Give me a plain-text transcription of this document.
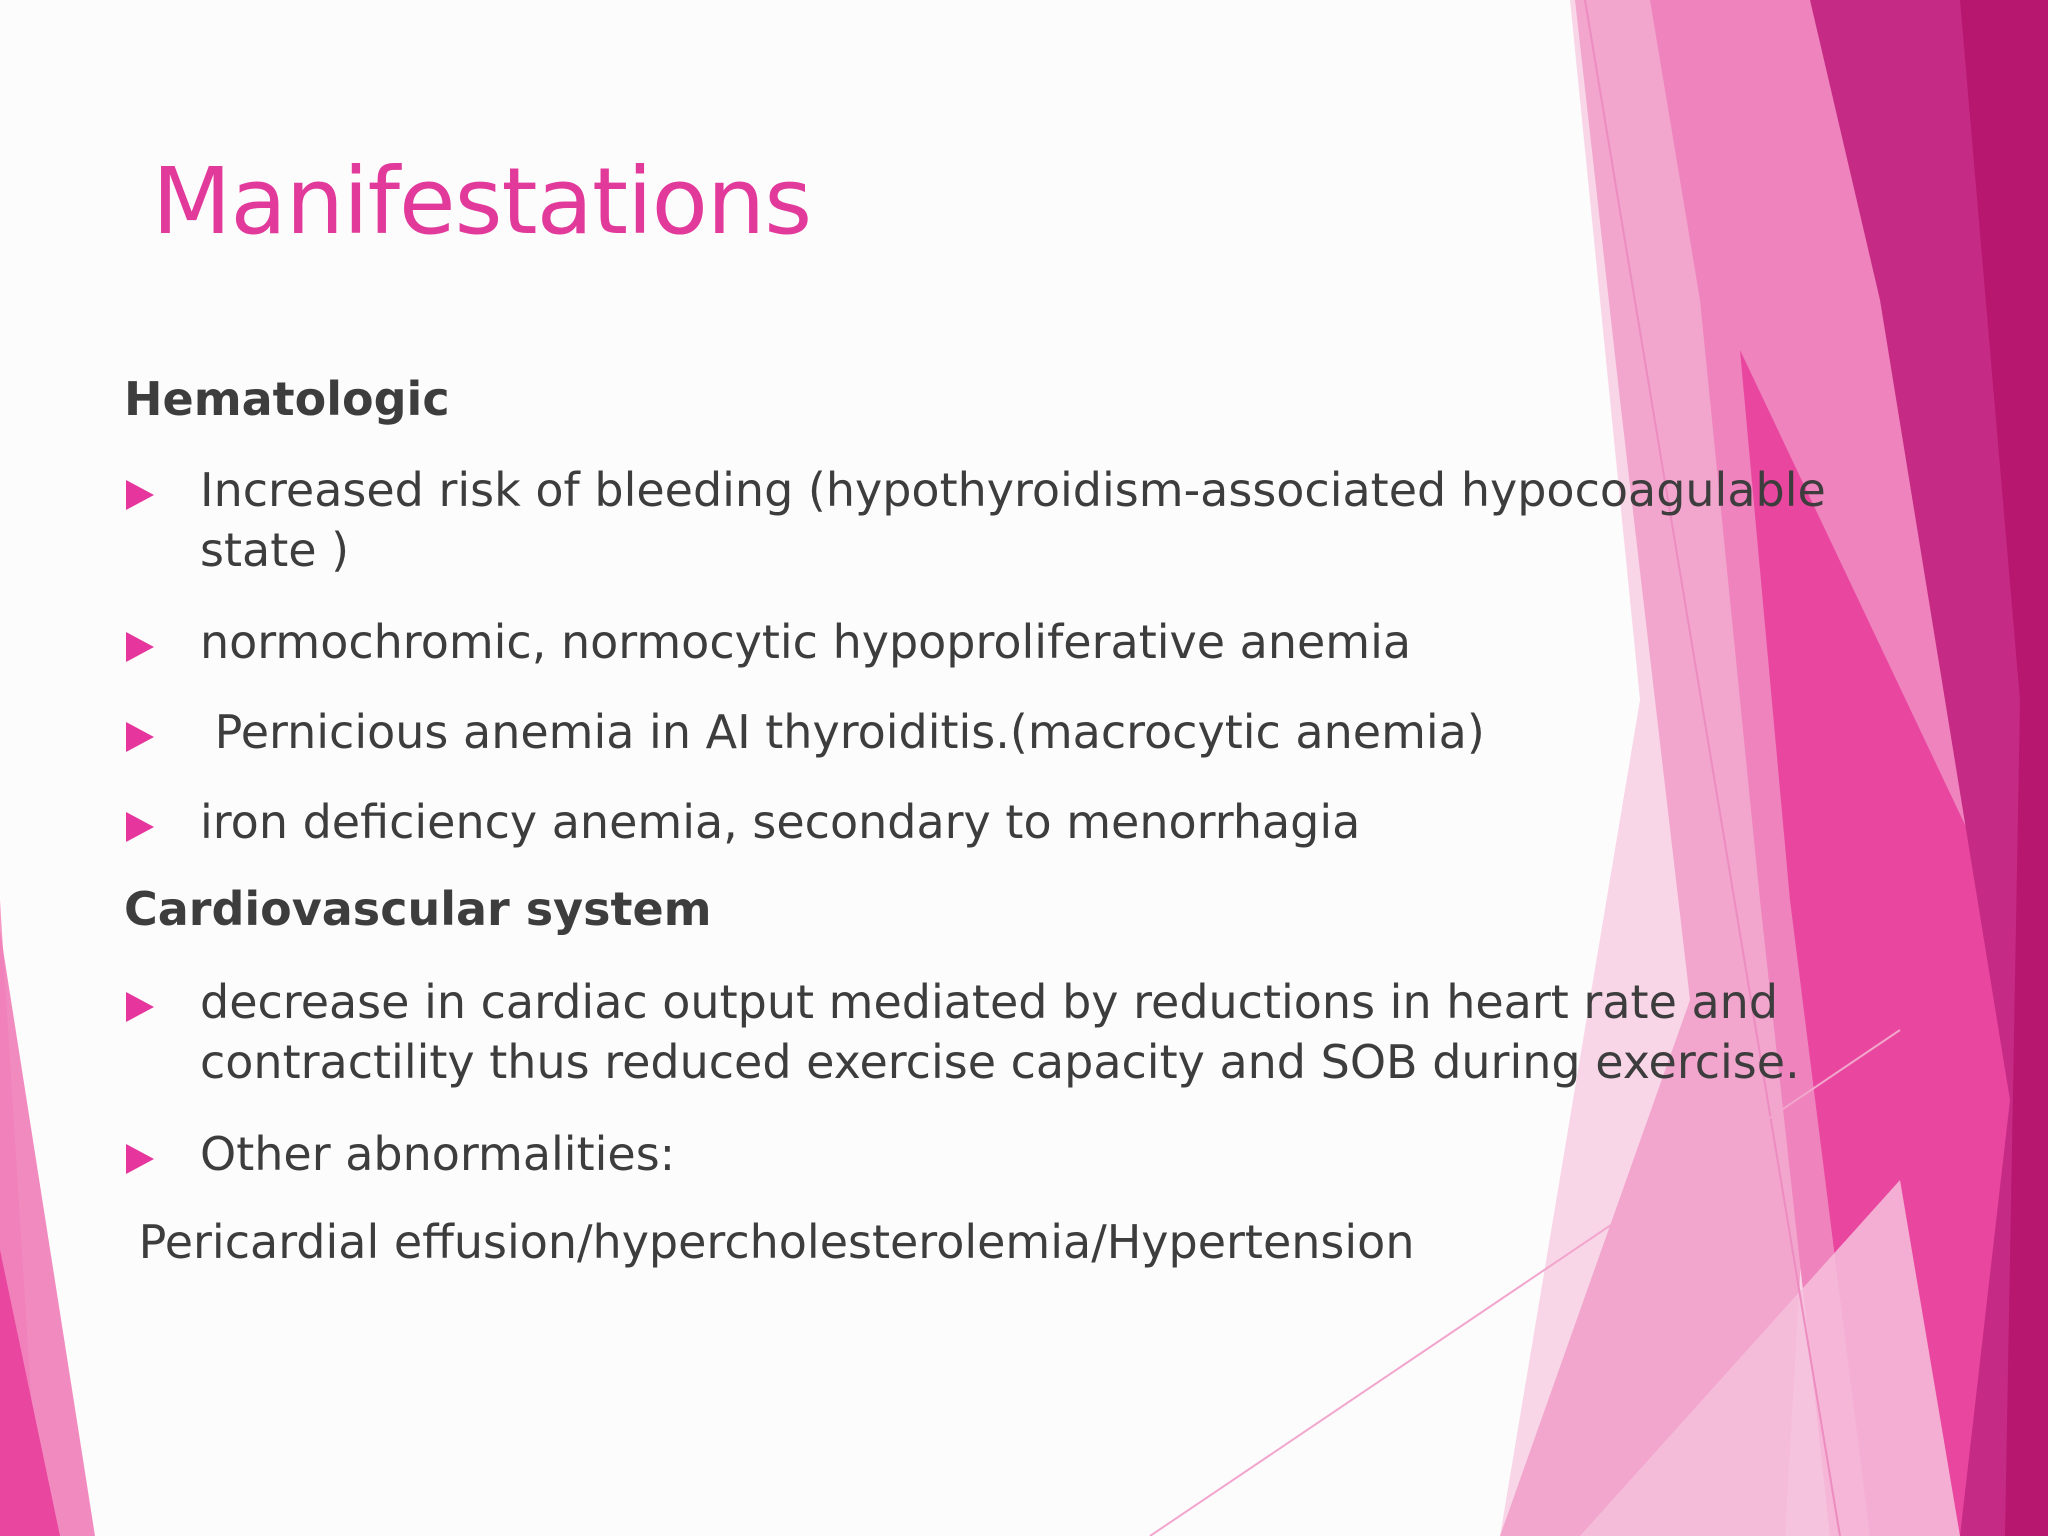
Manifestations
Hematologic
Increased risk of bleeding (hypothyroidism-associated hypocoagulable
state )
normochromic, normocytic hypoproliferative anemia
Pernicious anemia in AI thyroiditis.(macrocytic anemia)
iron deficiency anemia, secondary to menorrhagia
Cardiovascular system
decrease in cardiac output mediated by reductions in heart rate and
contractility thus reduced exercise capacity and SOB during exercise.
Other abnormalities:

Pericardial effusion/hypercholesterolemia/Hypertension
